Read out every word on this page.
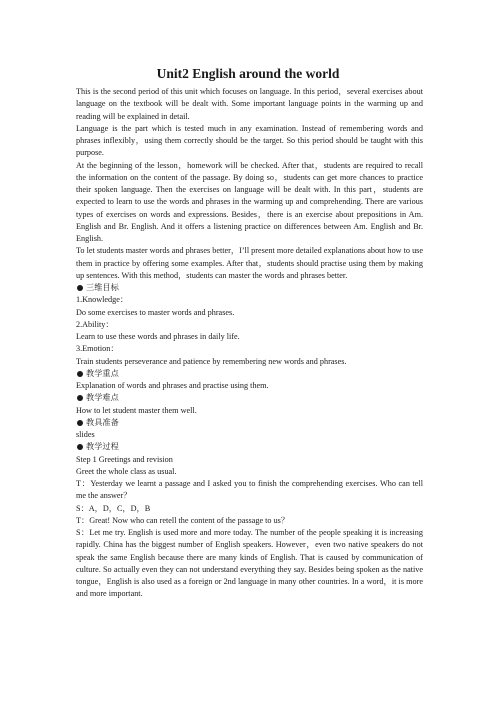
Unit2 English around the world

This is the second period of this unit which focuses on language. In this period，several exercises about language on the textbook will be dealt with. Some important language points in the warming up and reading will be explained in detail.

Language is the part which is tested much in any examination. Instead of remembering words and phrases inflexibly，using them correctly should be the target. So this period should be taught with this purpose.

At the beginning of the lesson，homework will be checked. After that，students are required to recall the information on the content of the passage. By doing so，students can get more chances to practice their spoken language. Then the exercises on language will be dealt with. In this part，students are expected to learn to use the words and phrases in the warming up and comprehending. There are various types of exercises on words and expressions. Besides，there is an exercise about prepositions in Am. English and Br. English. And it offers a listening practice on differences between Am. English and Br. English.

To let students master words and phrases better，I’ll present more detailed explanations about how to use them in practice by offering some examples. After that，students should practise using them by making up sentences. With this method，students can master the words and phrases better.

三维目标

1.Knowledge：

Do some exercises to master words and phrases.

2.Ability：

Learn to use these words and phrases in daily life.

3.Emotion：

Train students perseverance and patience by remembering new words and phrases.

教学重点

Explanation of words and phrases and practise using them.

教学难点

How to let student master them well.

教具准备

slides

教学过程

Step 1 Greetings and revision

Greet the whole class as usual.

T：Yesterday we learnt a passage and I asked you to finish the comprehending exercises. Who can tell me the answer？

S：A，D，C，D，B

T：Great! Now who can retell the content of the passage to us？

S：Let me try. English is used more and more today. The number of the people speaking it is increasing rapidly. China has the biggest number of English speakers. However，even two native speakers do not speak the same English because there are many kinds of English. That is caused by communication of culture. So actually even they can not understand everything they say. Besides being spoken as the native tongue，English is also used as a foreign or 2nd language in many other countries. In a word，it is more and more important.
